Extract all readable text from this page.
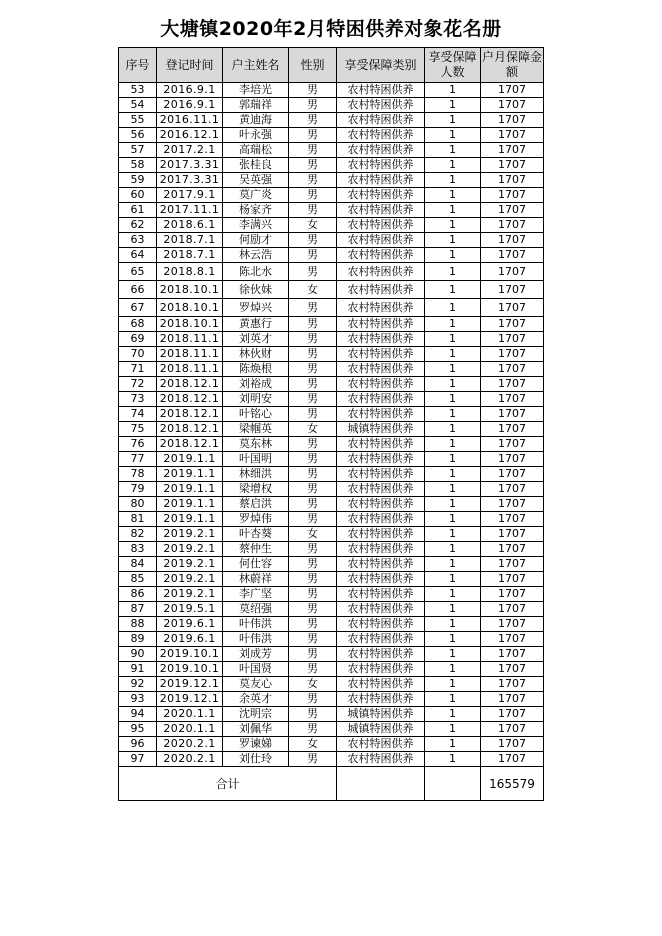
大塘镇2020年2月特困供养对象花名册
序号	登记时间	户主姓名	性别	享受保障类别	享受保障人数	户月保障金额
53	2016.9.1	李培光	男	农村特困供养	1	1707
54	2016.9.1	郭瑞祥	男	农村特困供养	1	1707
55	2016.11.1	黄迪海	男	农村特困供养	1	1707
56	2016.12.1	叶永强	男	农村特困供养	1	1707
57	2017.2.1	高瑞松	男	农村特困供养	1	1707
58	2017.3.31	张桂良	男	农村特困供养	1	1707
59	2017.3.31	吴英强	男	农村特困供养	1	1707
60	2017.9.1	莫广炎	男	农村特困供养	1	1707
61	2017.11.1	杨家齐	男	农村特困供养	1	1707
62	2018.6.1	李满兴	女	农村特困供养	1	1707
63	2018.7.1	何励才	男	农村特困供养	1	1707
64	2018.7.1	林云浩	男	农村特困供养	1	1707
65	2018.8.1	陈北水	男	农村特困供养	1	1707
66	2018.10.1	徐伙妹	女	农村特困供养	1	1707
67	2018.10.1	罗焯兴	男	农村特困供养	1	1707
68	2018.10.1	黄惠行	男	农村特困供养	1	1707
69	2018.11.1	刘英才	男	农村特困供养	1	1707
70	2018.11.1	林伙财	男	农村特困供养	1	1707
71	2018.11.1	陈焕根	男	农村特困供养	1	1707
72	2018.12.1	刘裕成	男	农村特困供养	1	1707
73	2018.12.1	刘明安	男	农村特困供养	1	1707
74	2018.12.1	叶铭心	男	农村特困供养	1	1707
75	2018.12.1	梁帼英	女	城镇特困供养	1	1707
76	2018.12.1	莫东林	男	农村特困供养	1	1707
77	2019.1.1	叶国明	男	农村特困供养	1	1707
78	2019.1.1	林细洪	男	农村特困供养	1	1707
79	2019.1.1	梁增权	男	农村特困供养	1	1707
80	2019.1.1	蔡启洪	男	农村特困供养	1	1707
81	2019.1.1	罗焯伟	男	农村特困供养	1	1707
82	2019.2.1	叶杏葵	女	农村特困供养	1	1707
83	2019.2.1	蔡仲生	男	农村特困供养	1	1707
84	2019.2.1	何仕容	男	农村特困供养	1	1707
85	2019.2.1	林蔚祥	男	农村特困供养	1	1707
86	2019.2.1	李广坚	男	农村特困供养	1	1707
87	2019.5.1	莫绍强	男	农村特困供养	1	1707
88	2019.6.1	叶伟洪	男	农村特困供养	1	1707
89	2019.6.1	叶伟洪	男	农村特困供养	1	1707
90	2019.10.1	刘成芳	男	农村特困供养	1	1707
91	2019.10.1	叶国贤	男	农村特困供养	1	1707
92	2019.12.1	莫友心	女	农村特困供养	1	1707
93	2019.12.1	余英才	男	农村特困供养	1	1707
94	2020.1.1	沈明宗	男	城镇特困供养	1	1707
95	2020.1.1	刘佩华	男	城镇特困供养	1	1707
96	2020.2.1	罗谏娣	女	农村特困供养	1	1707
97	2020.2.1	刘仕玲	男	农村特困供养	1	1707
合计						165579
